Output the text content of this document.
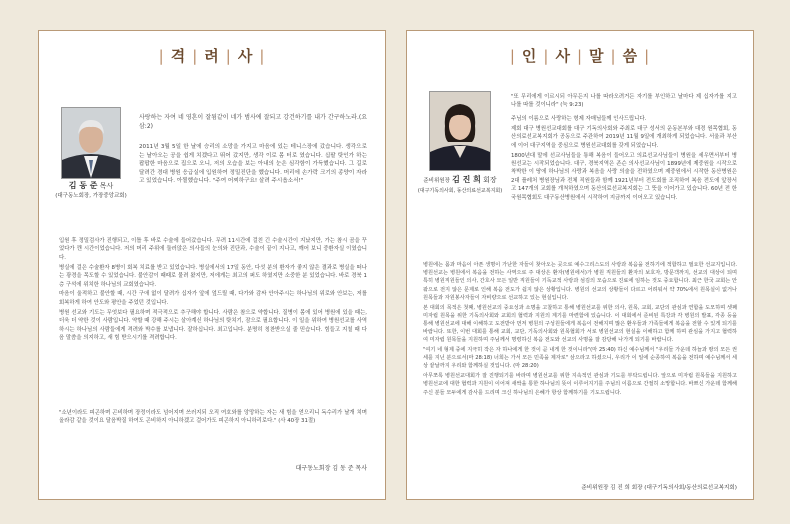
| 격 | 려 | 사 |
김 동 준 목사
(대구동노회장, 가장중앙교회)
사랑하는 자여 네 영혼이 잘됨같이 네가 범사에 잘되고 강건하기를 내가 간구하노라.(요삼:2)
2011년 3월 5일 한 날에 승리의 소망을 가지고 마음에 있는 테니스장에 갔습니다. 생각으로는 날아오는 공을 쉽게 치겠다고 뛰어 갔지만, 생각 이로 몸 터로 였습니다. 십팔 탓인가 하는 팝팝한 마음으로 집으로 오니, 저의 오습을 보는 아내의 눈은 심각함이 가득했습니다. 그 길로 달려간 경대 병원 응급실에 입원하여 정밀진단을 했습니다. 머리에 손가락 크기의 종양이 자라고 있었습니다. 아찔했습니다. "주여 어찌하구요! 살려 주시옵소서!"

입원 후 정밀검사가 진행되고, 이틀 후 바로 수술에 들어갔습니다. 무려 11시간에 걸친 긴 수술시간이 지났지만, 가는 참시 곰을 꾸었다가 깬 시간이었습니다. 저의 머리 주위에 둘러앉은 의사들의 눈의와 진단과, 수술이 끝이 지나고, 깨어 보니 중환자실 이였습니다.

병실에 걸은 수술환자 8병이 회복 치료를 받고 있었습니다. 병실에서의 17일 동안, 다섯 분의 환자가 좋지 않은 결과로 병실을 떠나는 광경을 목도할 수 있었습니다. 불안감이 때때로 물려 왔지만, 저에게는 최고의 퍼도 하였지만 소중한 분 있었습니다. 바로 경북 1층 구석에 위치한 하나님의 교회였습니다.

마음이 울적하고 불안할 때, 시간 구애 없이 달려가 십자가 앞에 엎드릴 때, 다가와 감싸 안아주시는 하나님의 위로와 안보는, 저를 회복하게 하여 안도와 평안을 주었던 것입니다.

병원 선교와 기도는 무엇보다 필요하며 적극적으로 추구해야 합니다. 사람은 참으로 약합니다. 질병이 몸에 있어 병원에 있을 때는, 더욱 더 약한 것이 사람입니다. 약할 때 강해 주시는 살아계신 하나님의 탓치기, 잠으로 필요합니다. 이 일을 위하여 병원선교를 사역하시는 하나님의 사람들에게 격려와 박수를 보냅니다. 잘하십니다. 최고입니다. 분명히 칭찬받으실 줄 믿습니다. 힘들고 지칠 때 다음 말씀을 의지하고, 새 힘 받으시기를 격려합니다.

"소년이라도 피곤하며 곤비하며 장정이라도 넘어지며 쓰러지되 오직 여호와를 앙망하는 자는 새 힘을 얻으리니 독수리가 날개 치며 올라감 같을 것이요 달음박질 하여도 곤비하지 아니하겠고 걸어가도 피곤하지 아니하리로다." (사 40장 31절)
대구동노회장 김 동 준 목사
| 인 | 사 | 말 | 씀 |
준비위원장 김 진 희 회장
(대구기독의사회, 동산의료선교복지회)
"또 무리에게 이르시되 아무든지 나를 따라오려거든 자기를 부인하고 날마다 제 십자가를 지고 나를 따를 것이니라" (눅 9:23)

주님의 이름으로 사랑하는 형제 자매님들께 인사드립니다.

제회 대구 병원선교대회를 대구 기독의사회와 주최로 대구 성서의 운동본부와 대경 원목협회, 동산의료선교복지회가 공동으로 주관하여 2019년 11월 9일에 개최하게 되었습니다. 서울과 부산에 이어 대구지역을 중심으로 병원선교대회를 갖게 되었습니다.

1800년대 말에 선교사님들을 통해 복음이 들어오고 의료선교사님들이 병원을 세우면서부터 병원선교는 시작되었습니다. 대구, 경북지역은 존슨 의사선교사님이 1899년에 제중원을 시작으로 착박한 이 땅에 하나님의 사랑과 복음을 사랑 의술을 전하였으며 제중원에서 시작한 동산병원은 2대 플레처 병원장님과 전체 직원들과 함께 1921년부터 전도회를 조직하여 복음 전도에 앞장서고 147개의 교회를 개척하였으며 동산의료선교복지회는 그 뜻을 이어가고 있습니다. 60년 전 한국원목협회도 대구동산병원에서 시작하여 지금까지 이어오고 있습니다.

병원에는 몸과 마음이 아픈 생명이 가난한 자들이 찾아오는 곳으로 예수그리스도의 사랑과 복음을 전하기에 적합하고 필요한 선교지입니다. 병원선교는 병원에서 복음을 전하는 사역으로 주 대상은 환자(병원에서)가 병원 직원들의 환자의 보호자, 방문객까지, 선교의 대상이 되며 특히 병원직원들인 의사, 간호사 모든 일반 직원들이 기독교적 사랑과 섬김의 모습으로 진료에 임하는 것도 중요합니다. 최근 한국 교회는 안팎으로 전지 않은 문제로 인해 복음 전도가 쉽지 않은 상황입니다. 병원의 선교의 상황들이 다르고 어려워서 약 70%에서 원목실이 없거나 원목들과 자원봉사자들이 자비량으로 선교하고 있는 현실입니다.

본 대회의 목적은 첫째, 병원선교의 중요성과 소명을 고찰하고 통해 병원선교를 위한 의사, 원목, 교회, 교단의 관심과 연합을 도모하며 셋째 미자립 원목을 위한 기독의사회와 교회의 협력과 지원의 계기를 마련함에 있습니다. 이 대회에서 준비된 특강과 각 병원의 발표, 각종 등을 통해 병원선교에 대해 이해하고 도전받아 먼저 병원의 구성원들에게 복음이 전해지며 많은 환우들과 가족들에게 복음을 전할 수 있게 되기를 바랍니다. 또한, 이번 대회를 통해 교회, 교단, 기독의사회와 원목협회가 서로 병원선교의 현실을 이해하고 함께 하며 관심을 가지고 협력하여 미자립 원목들을 지원하며 주님께서 명령하신 복음 전도와 선교의 사명을 잘 감당해 나가게 되기를 바랍니다.

"여기 네 형제 중에 지극히 작은 자 하나에게 한 것이 곧 내게 한 것이니라"(마 25:40) 하신 예수님께서 "우리들 가운데 하늘과 땅의 모든 권세를 지닌 분으로서(마 28:18) 너희는 가서 모든 민족을 제자로" 삼으라고 하셨으니, 우리가 이 일에 순종하여 복음을 전하며 예수님께서 세상 끝날까지 우리와 함께하실 것입니다. (마 28:20)

아무쪼록 병원선교대회가 잘 진행되기를 바라며 병원선교를 위한 지속적인 관심과 기도를 부탁드립니다. 앞으로 미자립 원목들을 지원하고 병원선교에 대한 협력과 지원이 이어져 새싹을 통한 하나님의 뜻이 이루어지기를 주님의 이름으로 간절히 소망합니다. 바쁘신 가운데 함께해 주신 분들 모두에게 감사를 드리며 크신 하나님의 은혜가 항상 함께하기를 기도드립니다.

준비위원장 김 진 희 회장 (대구기독의사회/동산의료선교복지회)
